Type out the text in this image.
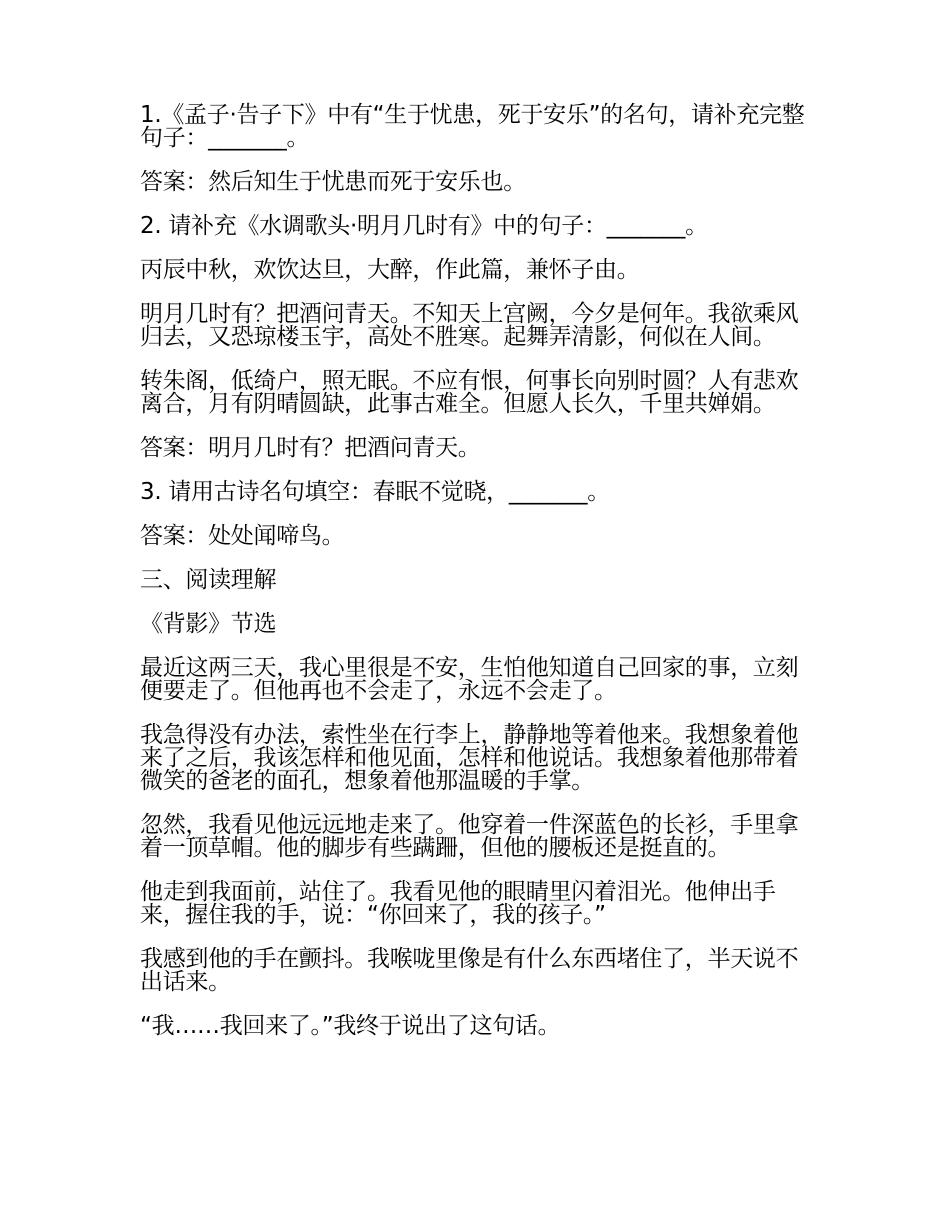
1.《孟子·告子下》中有“生于忧患，死于安乐”的名句，请补充完整句子：_______。

答案：然后知生于忧患而死于安乐也。

2. 请补充《水调歌头·明月几时有》中的句子：_______。

丙辰中秋，欢饮达旦，大醉，作此篇，兼怀子由。

明月几时有？把酒问青天。不知天上宫阙，今夕是何年。我欲乘风归去，又恐琼楼玉宇，高处不胜寒。起舞弄清影，何似在人间。

转朱阁，低绮户，照无眠。不应有恨，何事长向别时圆？人有悲欢离合，月有阴晴圆缺，此事古难全。但愿人长久，千里共婵娟。

答案：明月几时有？把酒问青天。

3. 请用古诗名句填空：春眠不觉晓，_______。

答案：处处闻啼鸟。

三、阅读理解

《背影》节选

最近这两三天，我心里很是不安，生怕他知道自己回家的事，立刻便要走了。但他再也不会走了，永远不会走了。

我急得没有办法，索性坐在行李上，静静地等着他来。我想象着他来了之后，我该怎样和他见面，怎样和他说话。我想象着他那带着微笑的爸老的面孔，想象着他那温暖的手掌。

忽然，我看见他远远地走来了。他穿着一件深蓝色的长衫，手里拿着一顶草帽。他的脚步有些蹒跚，但他的腰板还是挺直的。

他走到我面前，站住了。我看见他的眼睛里闪着泪光。他伸出手来，握住我的手，说：“你回来了，我的孩子。”

我感到他的手在颤抖。我喉咙里像是有什么东西堵住了，半天说不出话来。

“我……我回来了。”我终于说出了这句话。
